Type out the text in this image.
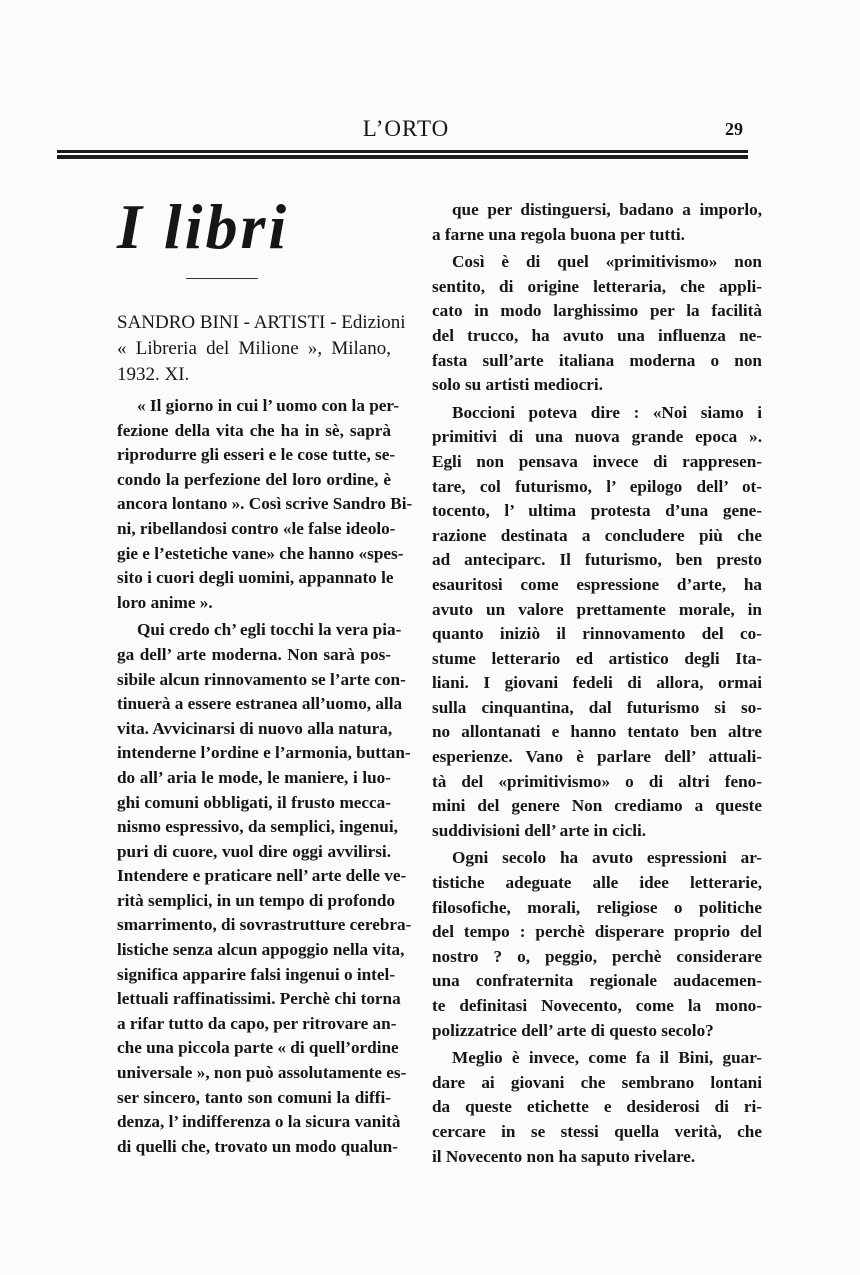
L’ORTO	29
I libri
SANDRO BINI - ARTISTI - Edizioni
« Libreria del Milione », Milano,
1932. XI.
« Il giorno in cui l’ uomo con la per-
fezione della vita che ha in sè, saprà
riprodurre gli esseri e le cose tutte, se-
condo la perfezione del loro ordine, è
ancora lontano ». Così scrive Sandro Bi-
ni, ribellandosi contro «le false ideolo-
gie e l’estetiche vane» che hanno «spes-
sito i cuori degli uomini, appannato le
loro anime ».
Qui credo ch’ egli tocchi la vera pia-
ga dell’ arte moderna. Non sarà pos-
sibile alcun rinnovamento se l’arte con-
tinuerà a essere estranea all’uomo, alla
vita. Avvicinarsi di nuovo alla natura,
intenderne l’ordine e l’armonia, buttan-
do all’ aria le mode, le maniere, i luo-
ghi comuni obbligati, il frusto mecca-
nismo espressivo, da semplici, ingenui,
puri di cuore, vuol dire oggi avvilirsi.
Intendere e praticare nell’ arte delle ve-
rità semplici, in un tempo di profondo
smarrimento, di sovrastrutture cerebra-
listiche senza alcun appoggio nella vita,
significa apparire falsi ingenui o intel-
lettuali raffinatissimi. Perchè chi torna
a rifar tutto da capo, per ritrovare an-
che una piccola parte « di quell’ordine
universale », non può assolutamente es-
ser sincero, tanto son comuni la diffi-
denza, l’ indifferenza o la sicura vanità
di quelli che, trovato un modo qualun-
que per distinguersi, badano a imporlo,
a farne una regola buona per tutti.
Così è di quel «primitivismo» non
sentito, di origine letteraria, che appli-
cato in modo larghissimo per la facilità
del trucco, ha avuto una influenza ne-
fasta sull’arte italiana moderna o non
solo su artisti mediocri.
Boccioni poteva dire : «Noi siamo i
primitivi di una nuova grande epoca ».
Egli non pensava invece di rappresen-
tare, col futurismo, l’ epilogo dell’ ot-
tocento, l’ ultima protesta d’una gene-
razione destinata a concludere più che
ad anteciparc. Il futurismo, ben presto
esauritosi come espressione d’arte, ha
avuto un valore prettamente morale, in
quanto iniziò il rinnovamento del co-
stume letterario ed artistico degli Ita-
liani. I giovani fedeli di allora, ormai
sulla cinquantina, dal futurismo si so-
no allontanati e hanno tentato ben altre
esperienze. Vano è parlare dell’ attuali-
tà del «primitivismo» o di altri feno-
mini del genere Non crediamo a queste
suddivisioni dell’ arte in cicli.
Ogni secolo ha avuto espressioni ar-
tistiche adeguate alle idee letterarie,
filosofiche, morali, religiose o politiche
del tempo : perchè disperare proprio del
nostro ? o, peggio, perchè considerare
una confraternita regionale audacemen-
te definitasi Novecento, come la mono-
polizzatrice dell’ arte di questo secolo?
Meglio è invece, come fa il Bini, guar-
dare ai giovani che sembrano lontani
da queste etichette e desiderosi di ri-
cercare in se stessi quella verità, che
il Novecento non ha saputo rivelare.
